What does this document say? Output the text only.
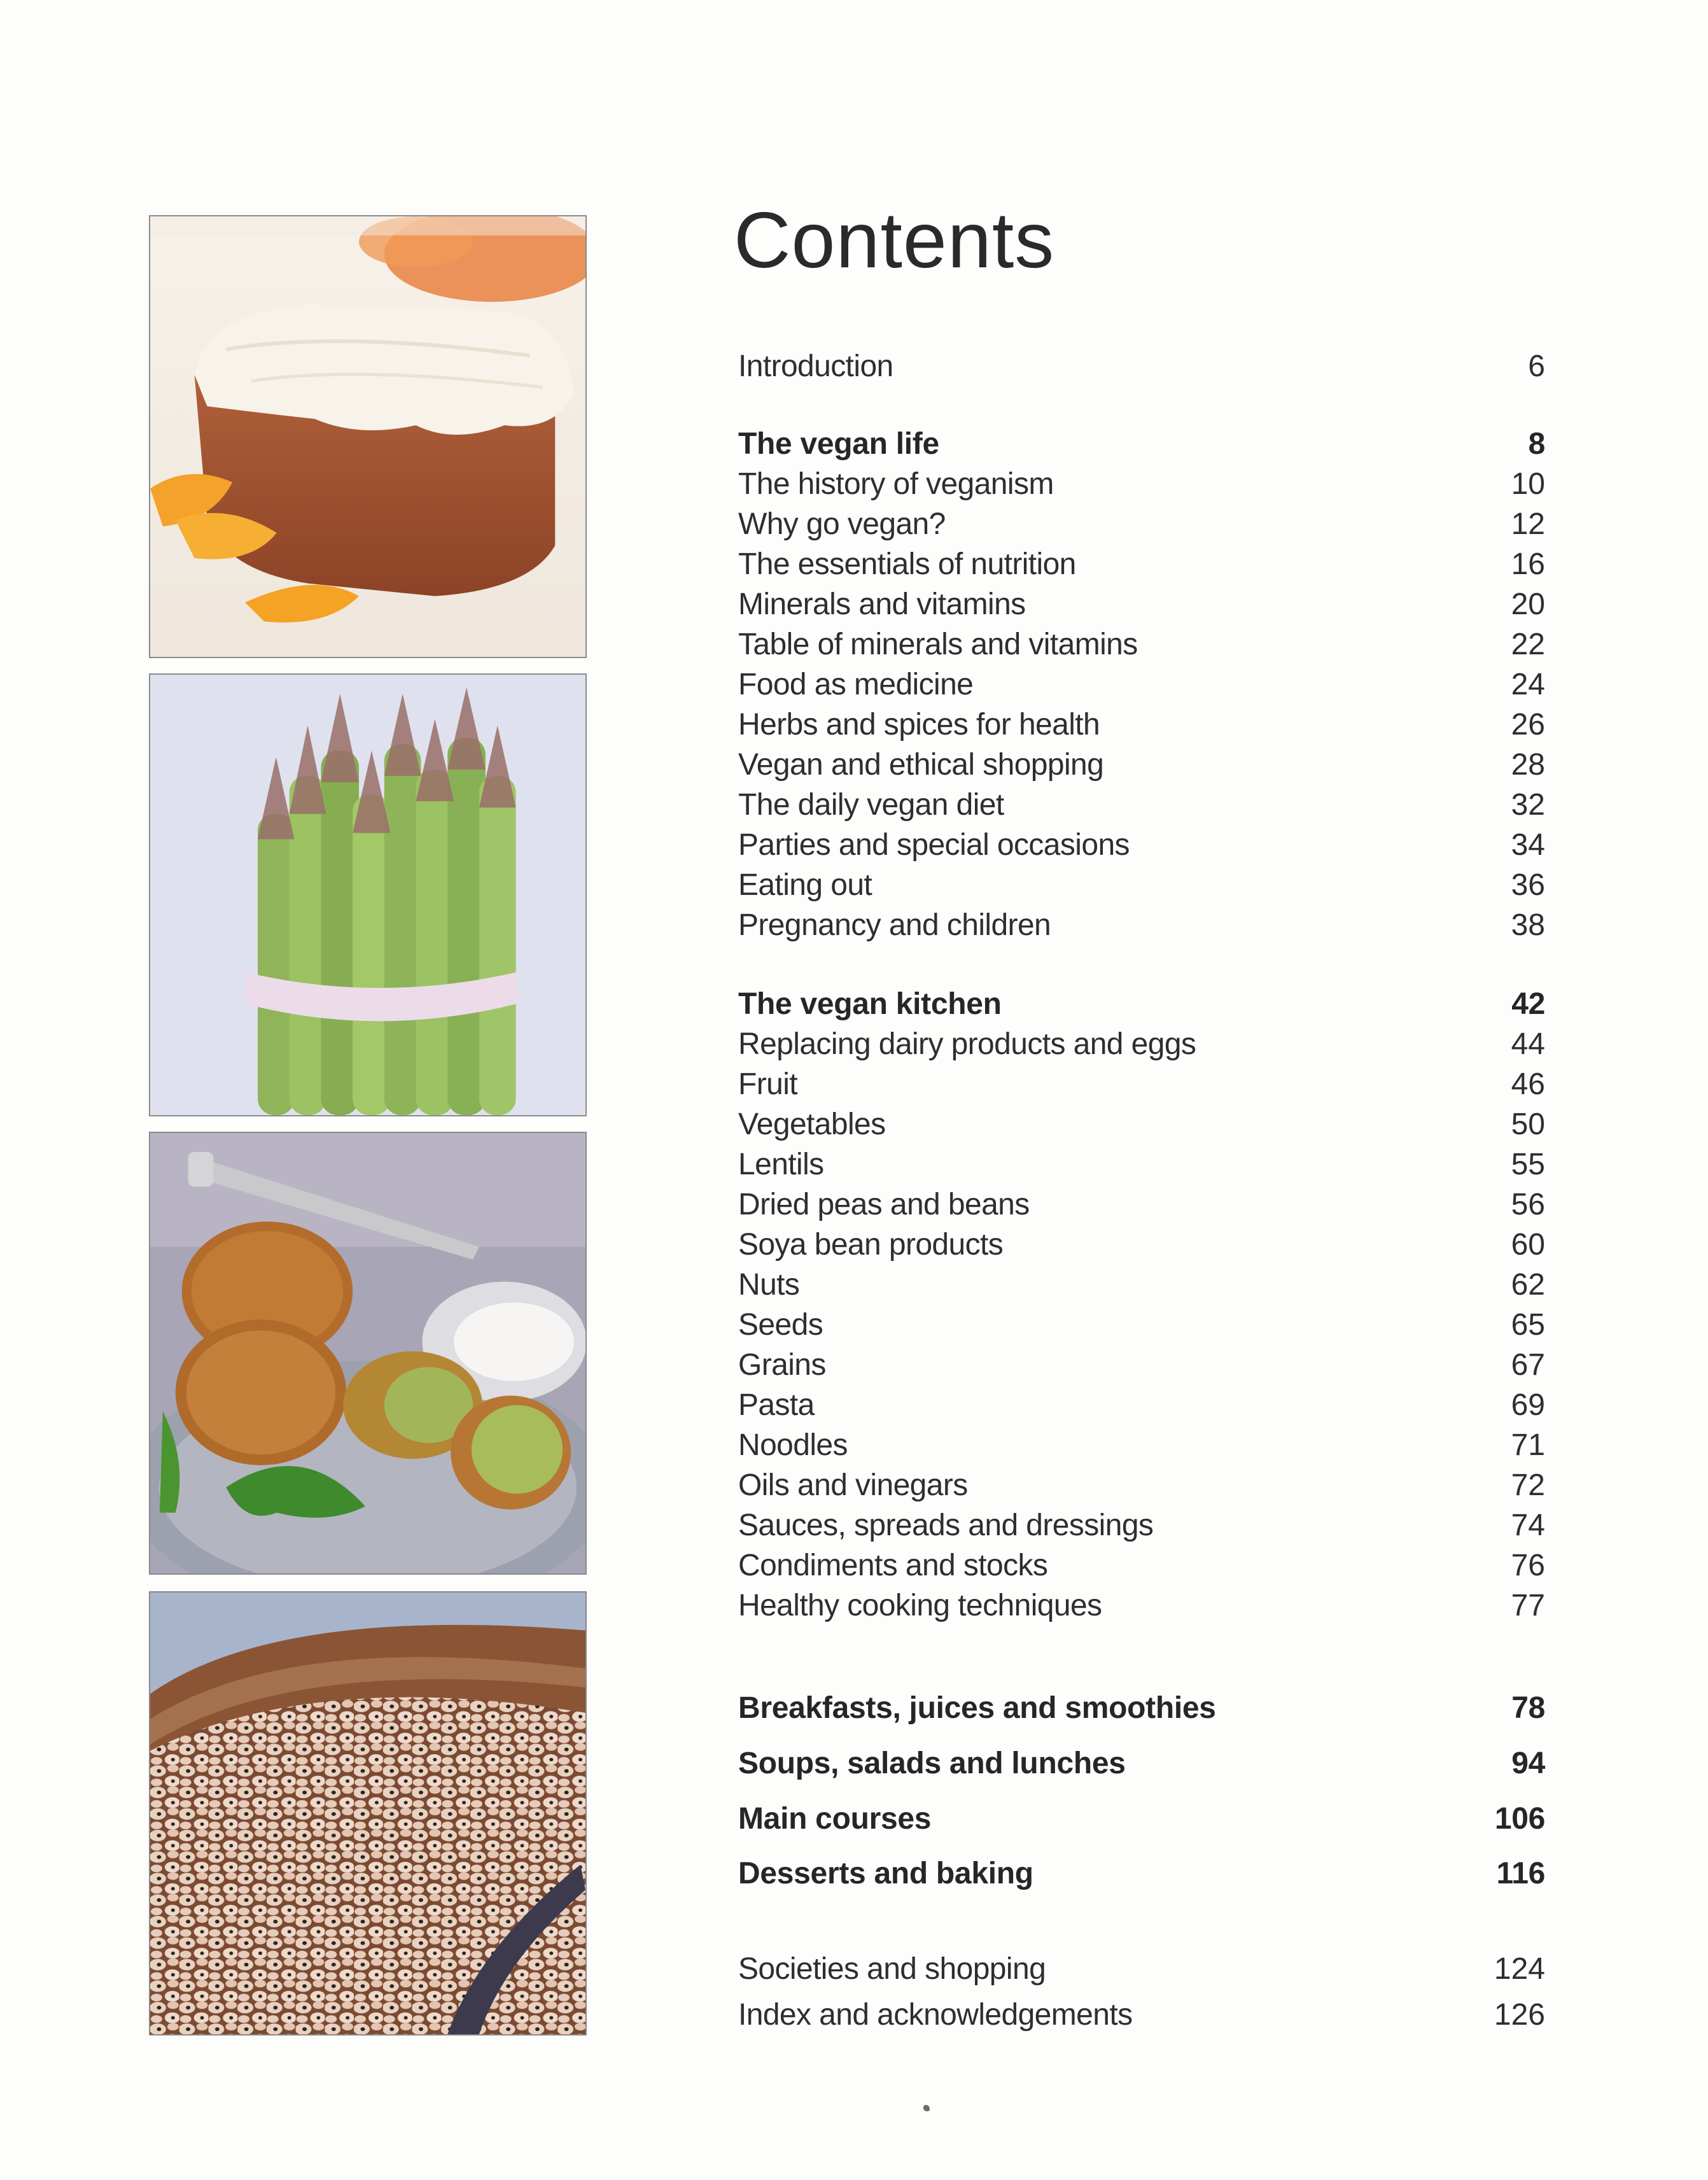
Contents
Introduction	6
The vegan life	8
The history of veganism	10
Why go vegan?	12
The essentials of nutrition	16
Minerals and vitamins	20
Table of minerals and vitamins	22
Food as medicine	24
Herbs and spices for health	26
Vegan and ethical shopping	28
The daily vegan diet	32
Parties and special occasions	34
Eating out	36
Pregnancy and children	38
The vegan kitchen	42
Replacing dairy products and eggs	44
Fruit	46
Vegetables	50
Lentils	55
Dried peas and beans	56
Soya bean products	60
Nuts	62
Seeds	65
Grains	67
Pasta	69
Noodles	71
Oils and vinegars	72
Sauces, spreads and dressings	74
Condiments and stocks	76
Healthy cooking techniques	77
Breakfasts, juices and smoothies	78
Soups, salads and lunches	94
Main courses	106
Desserts and baking	116
Societies and shopping	124
Index and acknowledgements	126
